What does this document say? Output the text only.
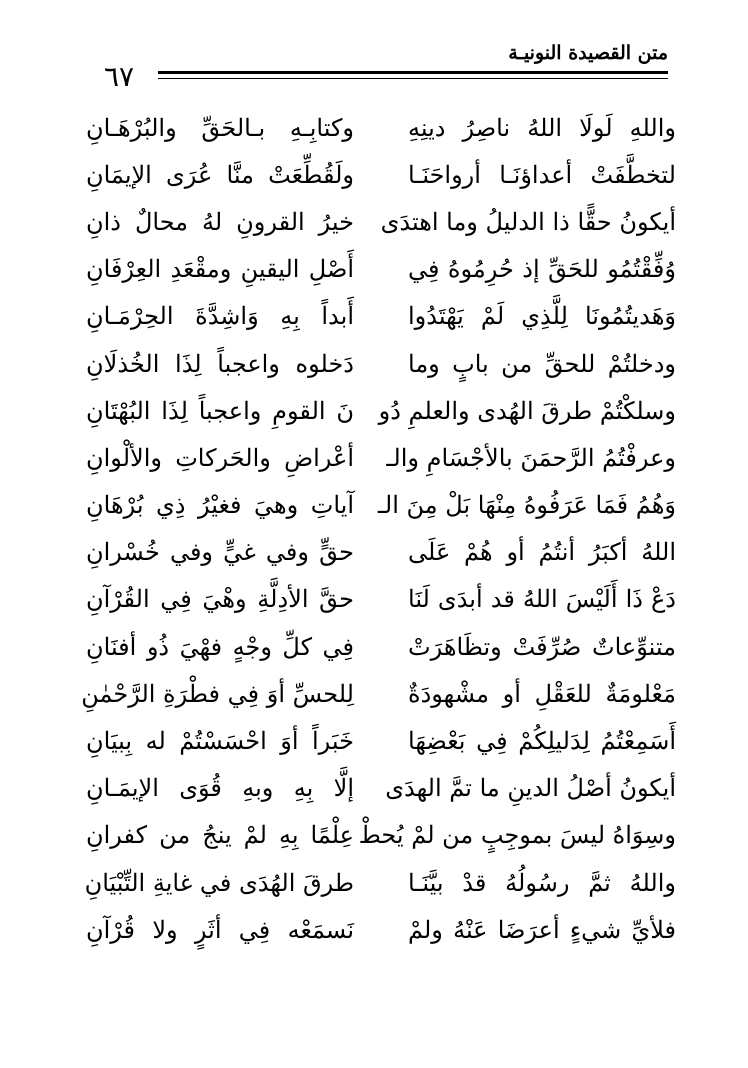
متن القصيدة النونيـة
٦٧
واللهِ لَولَا اللهُ ناصِرُ دينِهِ
وكتابِـهِ بـالحَقِّ والبُرْهَـانِ
لتخطَّفَتْ أعداؤنَـا أرواحَنَـا
ولَقُطِّعَتْ منَّا عُرَى الإيمَانِ
أيكونُ حقًّا ذا الدليلُ وما اهتدَى
خيرُ القرونِ لهُ محالٌ ذانِ
وُفِّقْتُمُو للحَقِّ إذ حُرِمُوهُ فِي
أَصْلِ اليقينِ ومقْعَدِ العِرْفَانِ
وَهَديتُمُونَا لِلَّذِي لَمْ يَهْتَدُوا
أَبداً بِهِ وَاشِدَّةَ الحِرْمَـانِ
ودخلتُمْ للحقِّ من بابٍ وما
دَخلوه واعجباً لِذَا الخُذلَانِ
وسلكْتُمْ طرقَ الهُدى والعلمِ دُو
نَ القومِ واعجباً لِذَا البُهْتَانِ
وعرفْتُمُ الرَّحمَنَ بالأجْسَامِ والـ
أعْراضِ والحَركاتِ والألْوانِ
وَهُمُ فَمَا عَرَفُوهُ مِنْهَا بَلْ مِنَ الـ
آياتِ وهيَ فغيْرُ ذِي بُرْهَانِ
اللهُ أكبَرُ أنتُمُ أو هُمْ عَلَى
حقٍّ وفي غيٍّ وفي خُسْرانِ
دَعْ ذَا أَلَيْسَ اللهُ قد أبدَى لَنَا
حقَّ الأدِلَّةِ وهْيَ فِي القُرْآنِ
متنوِّعاتٌ صُرِّفَتْ وتظَاهَرَتْ
فِي كلِّ وجْهٍ فهْيَ ذُو أفنَانِ
مَعْلومَةٌ للعَقْلِ أو مشْهودَةٌ
لِلحسِّ أوَ فِي فطْرَةِ الرَّحْمٰنِ
أَسَمِعْتُمُ لِدَليلِكُمْ فِي بَعْضِهَا
خَبَراً أوَ احْسَسْتُمْ له بِبيَانِ
أيكونُ أصْلُ الدينِ ما تمَّ الهدَى
إلَّا بِهِ وبهِ قُوَى الإيمَـانِ
وسِوَاهُ ليسَ بموجِبٍ من لمْ يُحطْ
عِلْمًا بِهِ لمْ ينجُ من كفرانِ
واللهُ ثمَّ رسُولُهُ قدْ بيَّنَـا
طرقَ الهُدَى في غايةِ التِّبْيَانِ
فلأيِّ شيءٍ أعرَضَا عَنْهُ ولمْ
نَسمَعْه فِي أثَرٍ ولا قُرْآنِ
